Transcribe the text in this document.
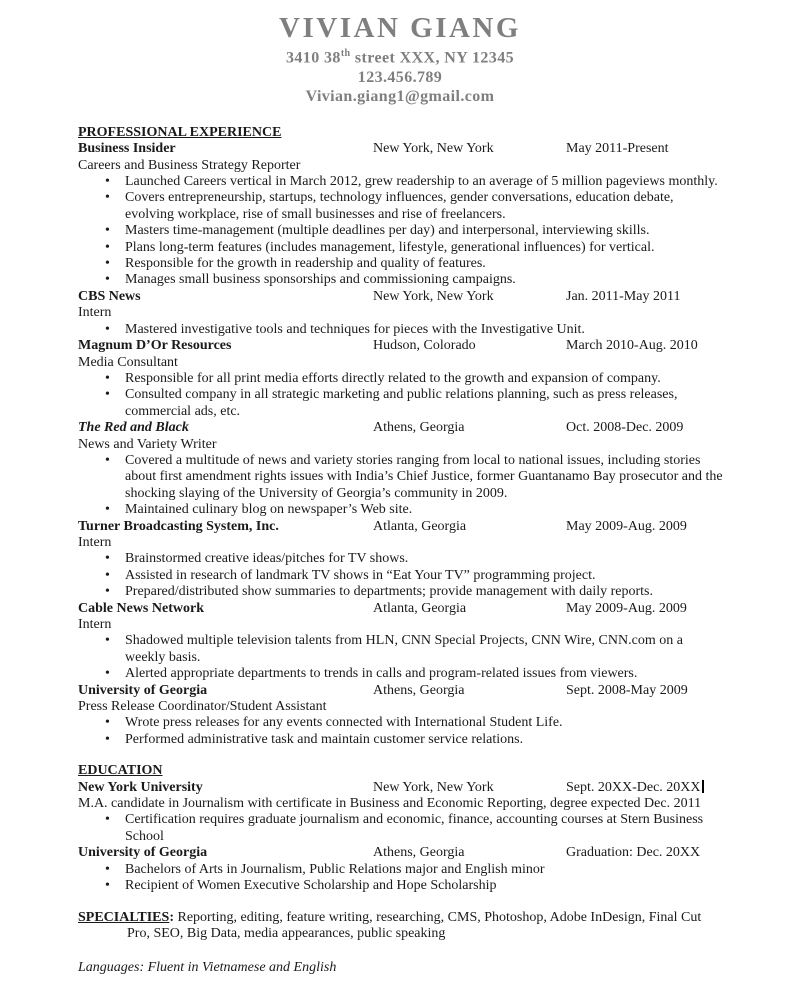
VIVIAN GIANG
3410 38th street XXX, NY 12345
123.456.789
Vivian.giang1@gmail.com
PROFESSIONAL EXPERIENCE
Business Insider	New York, New York	May 2011-Present
Careers and Business Strategy Reporter
• Launched Careers vertical in March 2012, grew readership to an average of 5 million pageviews monthly.
• Covers entrepreneurship, startups, technology influences, gender conversations, education debate, evolving workplace, rise of small businesses and rise of freelancers.
• Masters time-management (multiple deadlines per day) and interpersonal, interviewing skills.
• Plans long-term features (includes management, lifestyle, generational influences) for vertical.
• Responsible for the growth in readership and quality of features.
• Manages small business sponsorships and commissioning campaigns.
CBS News	New York, New York	Jan. 2011-May 2011
Intern
• Mastered investigative tools and techniques for pieces with the Investigative Unit.
Magnum D’Or Resources	Hudson, Colorado	March 2010-Aug. 2010
Media Consultant
• Responsible for all print media efforts directly related to the growth and expansion of company.
• Consulted company in all strategic marketing and public relations planning, such as press releases, commercial ads, etc.
The Red and Black	Athens, Georgia	Oct. 2008-Dec. 2009
News and Variety Writer
• Covered a multitude of news and variety stories ranging from local to national issues, including stories about first amendment rights issues with India’s Chief Justice, former Guantanamo Bay prosecutor and the shocking slaying of the University of Georgia’s community in 2009.
• Maintained culinary blog on newspaper’s Web site.
Turner Broadcasting System, Inc.	Atlanta, Georgia	May 2009-Aug. 2009
Intern
• Brainstormed creative ideas/pitches for TV shows.
• Assisted in research of landmark TV shows in “Eat Your TV” programming project.
• Prepared/distributed show summaries to departments; provide management with daily reports.
Cable News Network	Atlanta, Georgia	May 2009-Aug. 2009
Intern
• Shadowed multiple television talents from HLN, CNN Special Projects, CNN Wire, CNN.com on a weekly basis.
• Alerted appropriate departments to trends in calls and program-related issues from viewers.
University of Georgia	Athens, Georgia	Sept. 2008-May 2009
Press Release Coordinator/Student Assistant
• Wrote press releases for any events connected with International Student Life.
• Performed administrative task and maintain customer service relations.
EDUCATION
New York University	New York, New York	Sept. 20XX-Dec. 20XX
M.A. candidate in Journalism with certificate in Business and Economic Reporting, degree expected Dec. 2011
• Certification requires graduate journalism and economic, finance, accounting courses at Stern Business School
University of Georgia	Athens, Georgia	Graduation: Dec. 20XX
• Bachelors of Arts in Journalism, Public Relations major and English minor
• Recipient of Women Executive Scholarship and Hope Scholarship
SPECIALTIES: Reporting, editing, feature writing, researching, CMS, Photoshop, Adobe InDesign, Final Cut Pro, SEO, Big Data, media appearances, public speaking
Languages: Fluent in Vietnamese and English
